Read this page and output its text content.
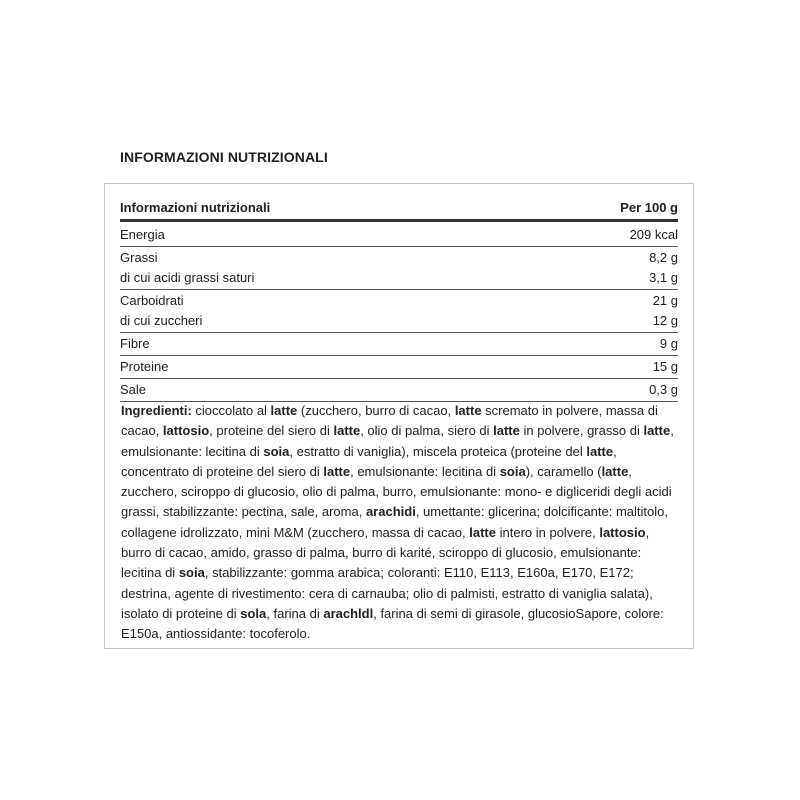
INFORMAZIONI NUTRIZIONALI
Informazioni nutrizionali	Per 100 g
Energia	209 kcal
Grassi	8,2 g
di cui acidi grassi saturi	3,1 g
Carboidrati	21 g
di cui zuccheri	12 g
Fibre	9 g
Proteine	15 g
Sale	0,3 g
Ingredienti: cioccolato al latte (zucchero, burro di cacao, latte scremato in polvere, massa di cacao, lattosio, proteine del siero di latte, olio di palma, siero di latte in polvere, grasso di latte, emulsionante: lecitina di soia, estratto di vaniglia), miscela proteica (proteine del latte, concentrato di proteine del siero di latte, emulsionante: lecitina di soia), caramello (latte, zucchero, sciroppo di glucosio, olio di palma, burro, emulsionante: mono- e digliceridi degli acidi grassi, stabilizzante: pectina, sale, aroma, arachidi, umettante: glicerina; dolcificante: maltitolo, collagene idrolizzato, mini M&M (zucchero, massa di cacao, latte intero in polvere, lattosio, burro di cacao, amido, grasso di palma, burro di karité, sciroppo di glucosio, emulsionante: lecitina di soia, stabilizzante: gomma arabica; coloranti: E110, E113, E160a, E170, E172; destrina, agente di rivestimento: cera di carnauba; olio di palmisti, estratto di vaniglia salata), isolato di proteine di sola, farina di arachldl, farina di semi di girasole, glucosioSapore, colore: E150a, antiossidante: tocoferolo.
